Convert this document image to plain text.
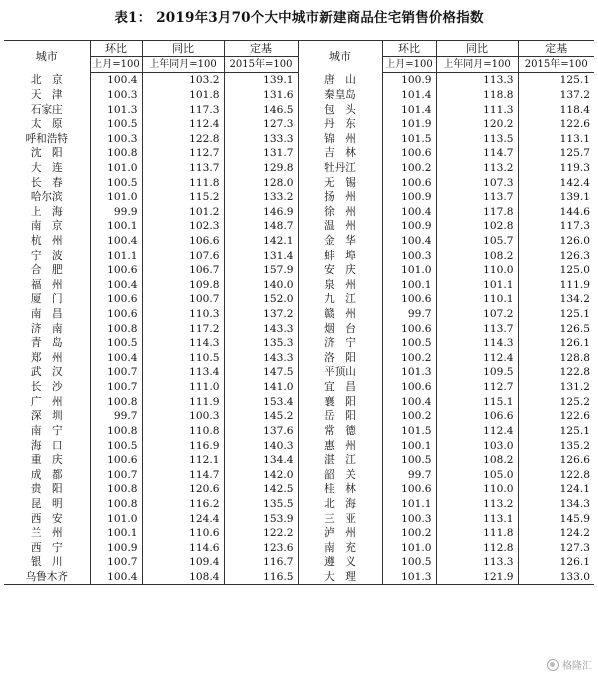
表1： 2019年3月70个大中城市新建商品住宅销售价格指数
城市	环比	同比	定基	城市	环比	同比	定基
	上月=100	上年同月=100	2015年=100		上月=100	上年同月=100	2015年=100
北　京	100.4	103.2	139.1	唐　山	100.9	113.3	125.1
天　津	100.3	101.8	131.6	秦皇岛	101.4	118.8	137.2
石家庄	101.3	117.3	146.5	包　头	101.4	111.3	118.4
太　原	100.5	112.4	127.3	丹　东	101.9	120.2	122.6
呼和浩特	100.3	122.8	133.3	锦　州	101.5	113.5	113.1
沈　阳	100.8	112.7	131.7	吉　林	100.6	114.7	125.7
大　连	101.0	113.7	129.8	牡丹江	100.2	113.2	119.3
长　春	100.5	111.8	128.0	无　锡	100.6	107.3	142.4
哈尔滨	101.0	115.2	133.2	扬　州	100.9	113.7	139.1
上　海	99.9	101.2	146.9	徐　州	100.4	117.8	144.6
南　京	100.1	102.3	148.7	温　州	100.9	102.8	117.3
杭　州	100.4	106.6	142.1	金　华	100.4	105.7	126.0
宁　波	101.1	107.6	131.4	蚌　埠	100.3	108.2	126.3
合　肥	100.6	106.7	157.9	安　庆	101.0	110.0	125.0
福　州	100.4	109.8	140.0	泉　州	100.1	101.1	111.9
厦　门	100.6	100.7	152.0	九　江	100.6	110.1	134.2
南　昌	100.6	110.3	137.2	赣　州	99.7	107.2	125.1
济　南	100.8	117.2	143.3	烟　台	100.6	113.7	126.5
青　岛	100.5	114.3	135.3	济　宁	100.5	114.3	126.1
郑　州	100.4	110.5	143.3	洛　阳	100.2	112.4	128.8
武　汉	100.7	113.4	147.5	平顶山	101.3	109.5	122.8
长　沙	100.7	111.0	141.0	宜　昌	100.6	112.7	131.2
广　州	100.8	111.9	153.4	襄　阳	100.4	115.1	125.2
深　圳	99.7	100.3	145.2	岳　阳	100.2	106.6	122.6
南　宁	100.8	110.8	137.6	常　德	101.5	112.4	125.1
海　口	100.5	116.9	140.3	惠　州	100.1	103.0	135.2
重　庆	100.6	112.1	134.4	湛　江	100.5	108.2	126.6
成　都	100.7	114.7	142.0	韶　关	99.7	105.0	122.8
贵　阳	100.8	120.6	142.5	桂　林	100.6	110.0	124.1
昆　明	100.8	116.2	135.5	北　海	101.1	113.2	134.3
西　安	101.0	124.4	153.9	三　亚	100.3	113.1	145.9
兰　州	100.1	110.6	122.2	泸　州	100.2	111.8	124.2
西　宁	100.9	114.6	123.6	南　充	101.0	112.8	127.3
银　川	100.7	109.4	116.7	遵　义	100.5	113.3	126.1
乌鲁木齐	100.4	108.4	116.5	大　理	101.3	121.9	133.0
格隆汇
